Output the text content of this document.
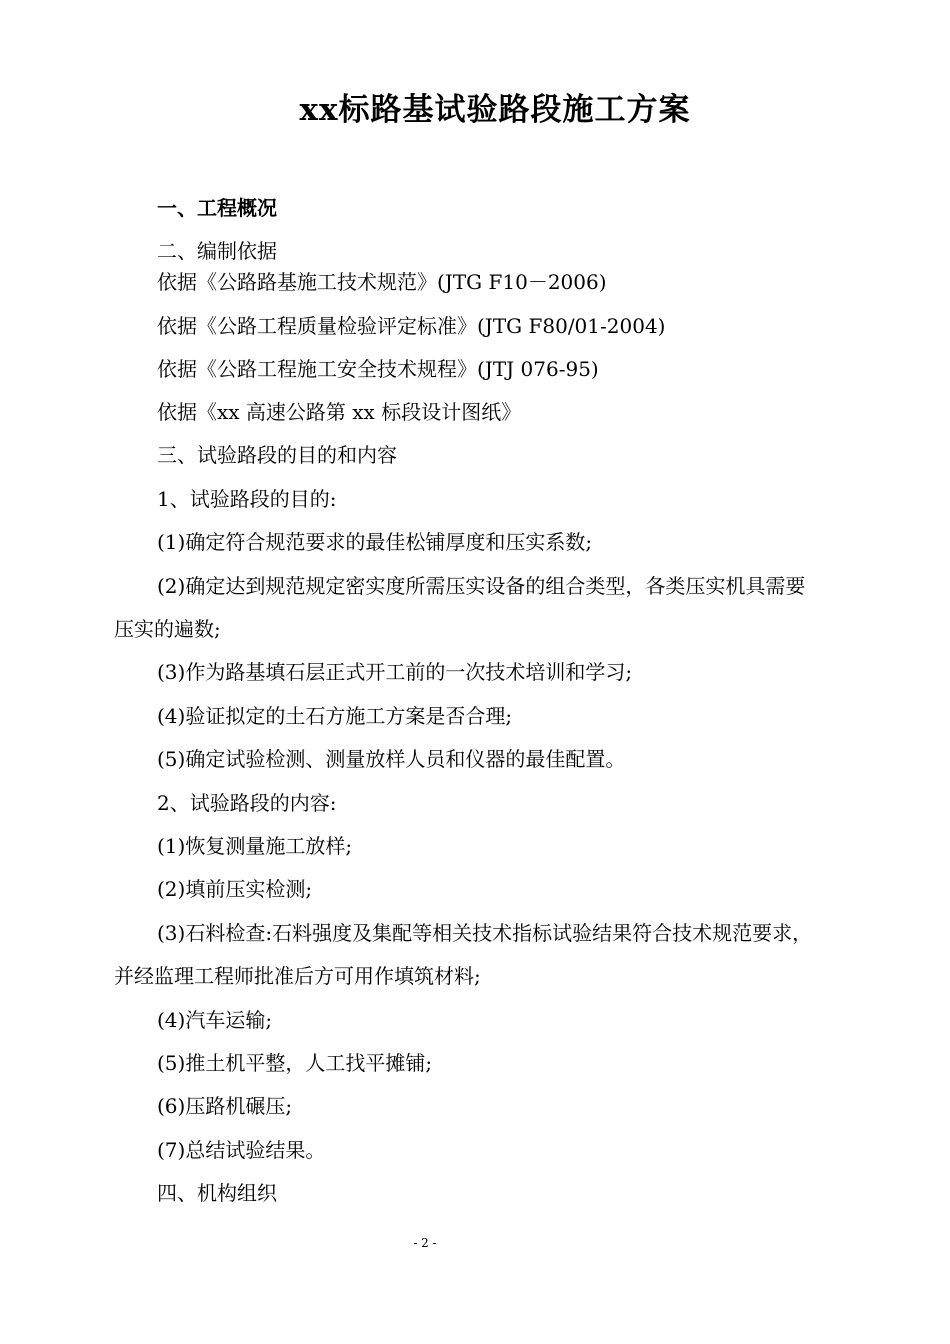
xx标路基试验路段施工方案
一、工程概况
二、编制依据
依据《公路路基施工技术规范》(JTG F10－2006)
依据《公路工程质量检验评定标准》(JTG F80/01-2004)
依据《公路工程施工安全技术规程》(JTJ 076-95)
依据《xx 高速公路第 xx 标段设计图纸》
三、试验路段的目的和内容
1、试验路段的目的:
(1)确定符合规范要求的最佳松铺厚度和压实系数;
(2)确定达到规范规定密实度所需压实设备的组合类型，各类压实机具需要
压实的遍数;
(3)作为路基填石层正式开工前的一次技术培训和学习;
(4)验证拟定的土石方施工方案是否合理;
(5)确定试验检测、测量放样人员和仪器的最佳配置。
2、试验路段的内容:
(1)恢复测量施工放样;
(2)填前压实检测;
(3)石料检查:石料强度及集配等相关技术指标试验结果符合技术规范要求，
并经监理工程师批准后方可用作填筑材料;
(4)汽车运输;
(5)推土机平整，人工找平摊铺;
(6)压路机碾压;
(7)总结试验结果。
四、机构组织
- 2 -
